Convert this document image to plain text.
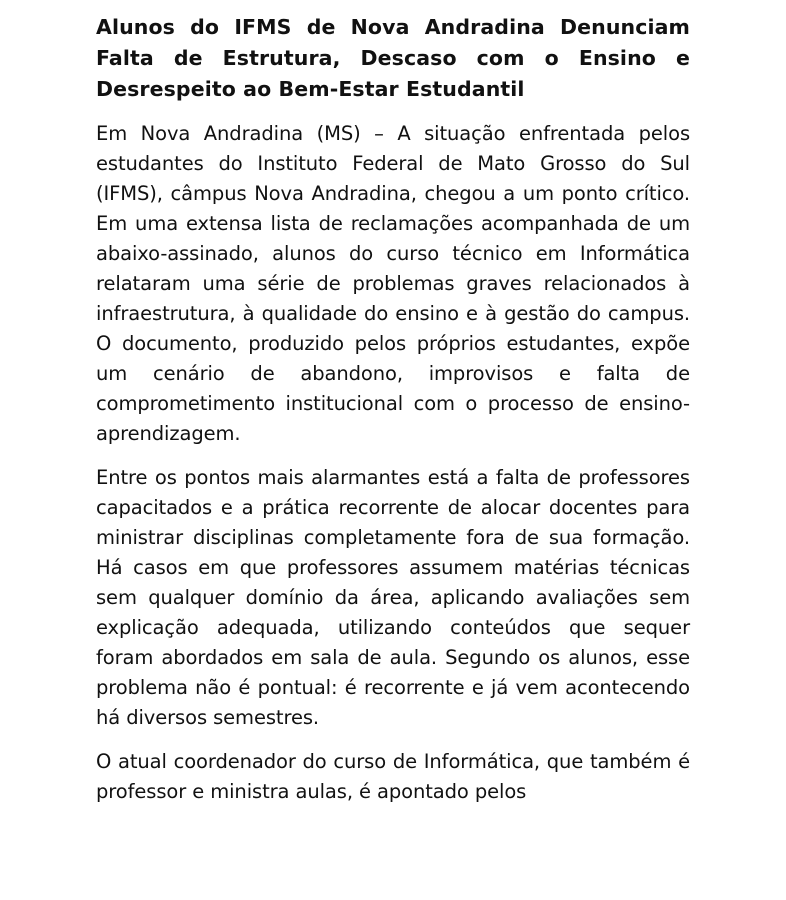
Alunos do IFMS de Nova Andradina Denunciam Falta de Estrutura, Descaso com o Ensino e Desrespeito ao Bem-Estar Estudantil

Em Nova Andradina (MS) – A situação enfrentada pelos estudantes do Instituto Federal de Mato Grosso do Sul (IFMS), câmpus Nova Andradina, chegou a um ponto crítico. Em uma extensa lista de reclamações acompanhada de um abaixo-assinado, alunos do curso técnico em Informática relataram uma série de problemas graves relacionados à infraestrutura, à qualidade do ensino e à gestão do campus. O documento, produzido pelos próprios estudantes, expõe um cenário de abandono, improvisos e falta de comprometimento institucional com o processo de ensino-aprendizagem.

Entre os pontos mais alarmantes está a falta de professores capacitados e a prática recorrente de alocar docentes para ministrar disciplinas completamente fora de sua formação. Há casos em que professores assumem matérias técnicas sem qualquer domínio da área, aplicando avaliações sem explicação adequada, utilizando conteúdos que sequer foram abordados em sala de aula. Segundo os alunos, esse problema não é pontual: é recorrente e já vem acontecendo há diversos semestres.

O atual coordenador do curso de Informática, que também é professor e ministra aulas, é apontado pelos
